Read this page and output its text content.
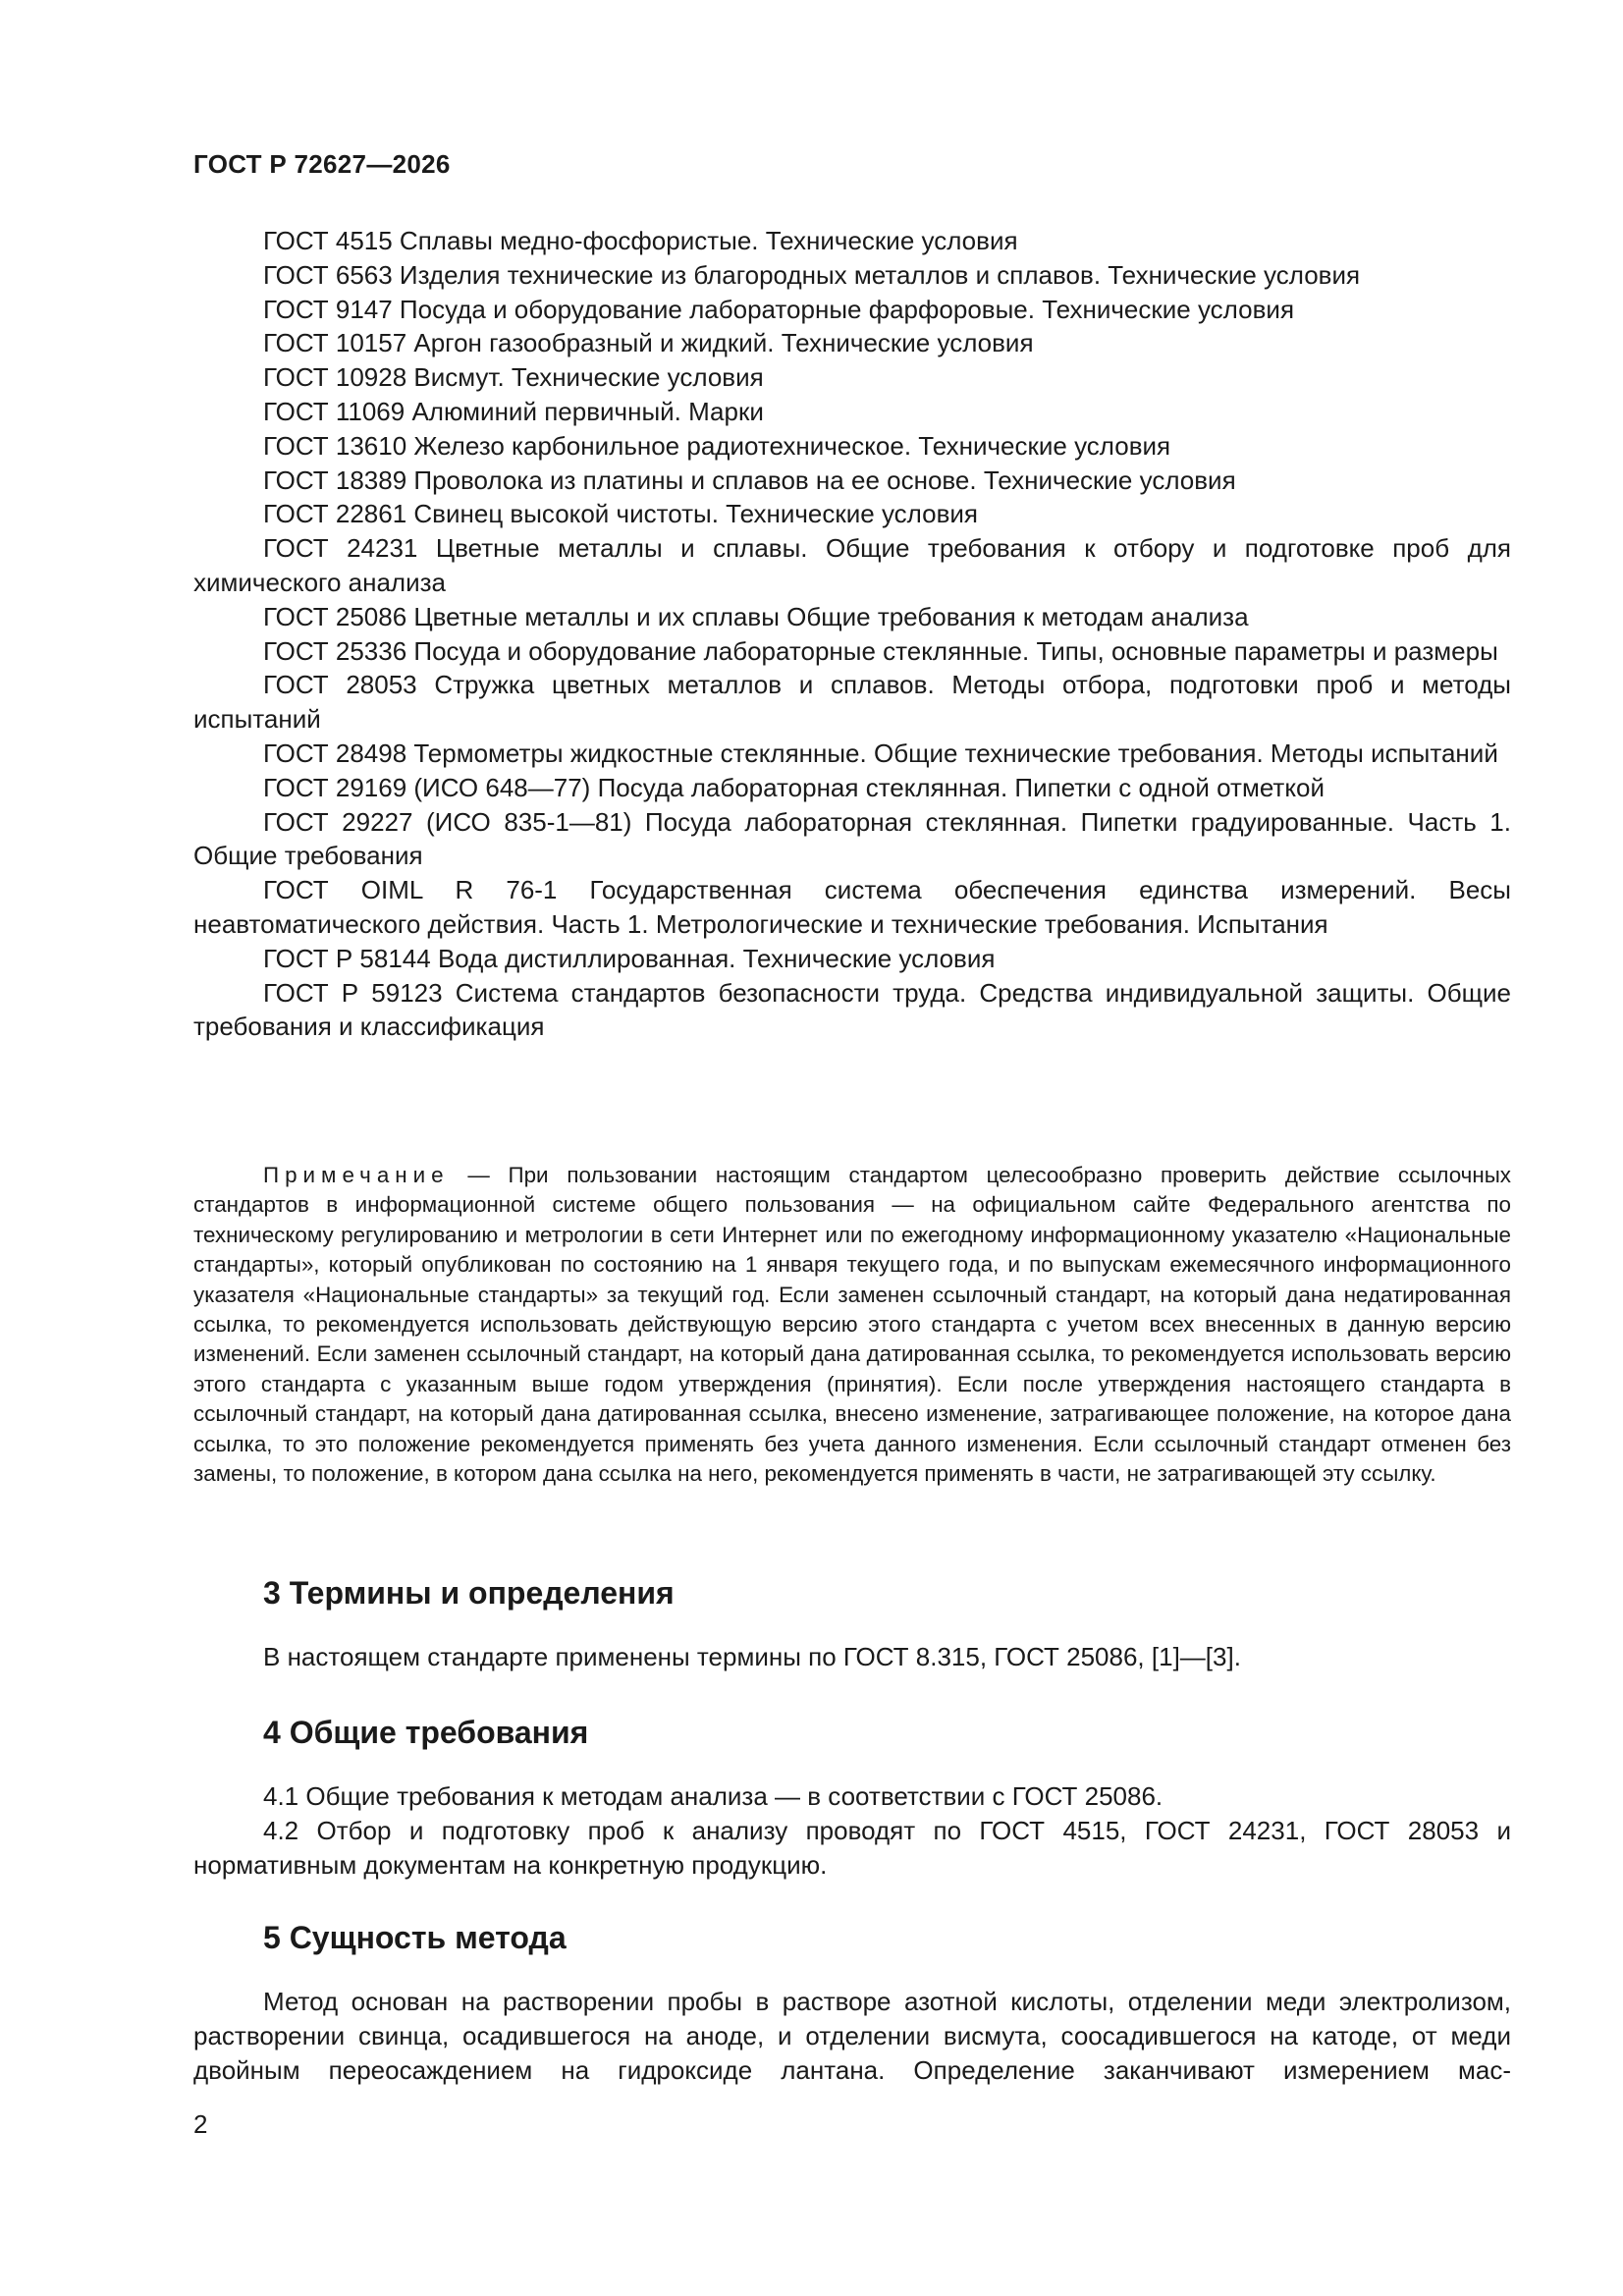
ГОСТ Р 72627—2026

ГОСТ 4515 Сплавы медно-фосфористые. Технические условия

ГОСТ 6563 Изделия технические из благородных металлов и сплавов. Технические условия

ГОСТ 9147 Посуда и оборудование лабораторные фарфоровые. Технические условия

ГОСТ 10157 Аргон газообразный и жидкий. Технические условия

ГОСТ 10928 Висмут. Технические условия

ГОСТ 11069 Алюминий первичный. Марки

ГОСТ 13610 Железо карбонильное радиотехническое. Технические условия

ГОСТ 18389 Проволока из платины и сплавов на ее основе. Технические условия

ГОСТ 22861 Свинец высокой чистоты. Технические условия

ГОСТ 24231 Цветные металлы и сплавы. Общие требования к отбору и подготовке проб для химического анализа

ГОСТ 25086 Цветные металлы и их сплавы Общие требования к методам анализа

ГОСТ 25336 Посуда и оборудование лабораторные стеклянные. Типы, основные параметры и размеры

ГОСТ 28053 Стружка цветных металлов и сплавов. Методы отбора, подготовки проб и методы испытаний

ГОСТ 28498 Термометры жидкостные стеклянные. Общие технические требования. Методы испытаний

ГОСТ 29169 (ИСО 648—77) Посуда лабораторная стеклянная. Пипетки с одной отметкой

ГОСТ 29227 (ИСО 835-1—81) Посуда лабораторная стеклянная. Пипетки градуированные. Часть 1. Общие требования

ГОСТ OIML R 76-1 Государственная система обеспечения единства измерений. Весы неавтоматического действия. Часть 1. Метрологические и технические требования. Испытания

ГОСТ Р 58144 Вода дистиллированная. Технические условия

ГОСТ Р 59123 Система стандартов безопасности труда. Средства индивидуальной защиты. Общие требования и классификация

Примечание — При пользовании настоящим стандартом целесообразно проверить действие ссылочных стандартов в информационной системе общего пользования — на официальном сайте Федерального агентства по техническому регулированию и метрологии в сети Интернет или по ежегодному информационному указателю «Национальные стандарты», который опубликован по состоянию на 1 января текущего года, и по выпускам ежемесячного информационного указателя «Национальные стандарты» за текущий год. Если заменен ссылочный стандарт, на который дана недатированная ссылка, то рекомендуется использовать действующую версию этого стандарта с учетом всех внесенных в данную версию изменений. Если заменен ссылочный стандарт, на который дана датированная ссылка, то рекомендуется использовать версию этого стандарта с указанным выше годом утверждения (принятия). Если после утверждения настоящего стандарта в ссылочный стандарт, на который дана датированная ссылка, внесено изменение, затрагивающее положение, на которое дана ссылка, то это положение рекомендуется применять без учета данного изменения. Если ссылочный стандарт отменен без замены, то положение, в котором дана ссылка на него, рекомендуется применять в части, не затрагивающей эту ссылку.

3 Термины и определения

В настоящем стандарте применены термины по ГОСТ 8.315, ГОСТ 25086, [1]—[3].

4 Общие требования

4.1 Общие требования к методам анализа — в соответствии с ГОСТ 25086.

4.2 Отбор и подготовку проб к анализу проводят по ГОСТ 4515, ГОСТ 24231, ГОСТ 28053 и нормативным документам на конкретную продукцию.

5 Сущность метода

Метод основан на растворении пробы в растворе азотной кислоты, отделении меди электролизом, растворении свинца, осадившегося на аноде, и отделении висмута, соосадившегося на катоде, от меди двойным переосаждением на гидроксиде лантана. Определение заканчивают измерением мас-

2
